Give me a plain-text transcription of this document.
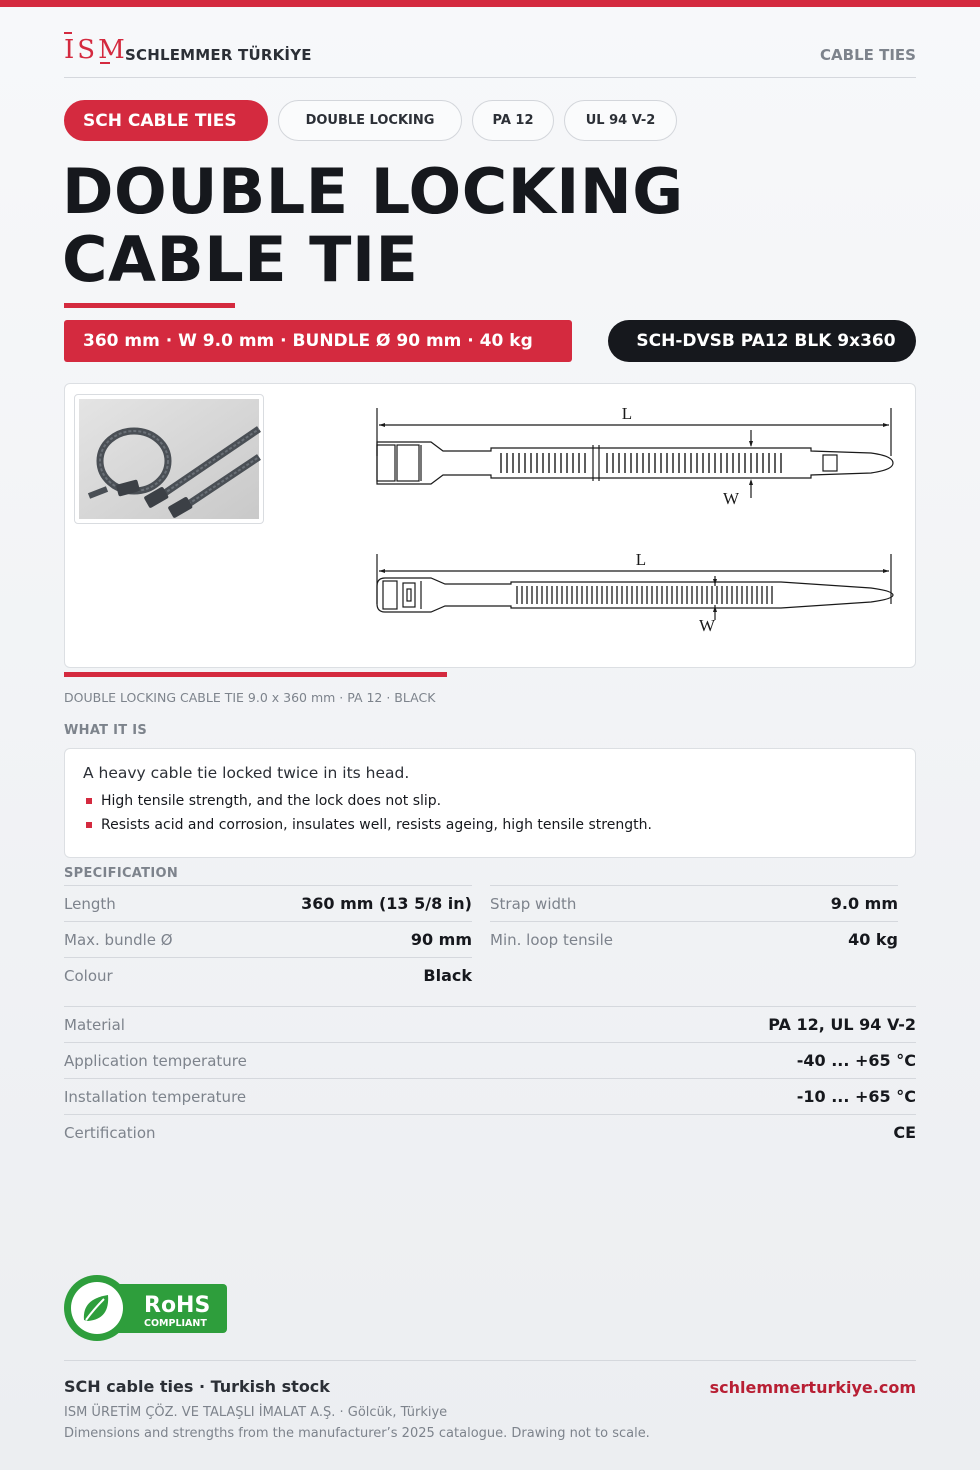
ISM
SCHLEMMER TÜRKİYE	CABLE TIES
SCH CABLE TIES	DOUBLE LOCKING	PA 12	UL 94 V-2
DOUBLE LOCKING
CABLE TIE
360 mm · W 9.0 mm · BUNDLE Ø 90 mm · 40 kg	SCH-DVSB PA12 BLK 9x360
L
W
L
W
DOUBLE LOCKING CABLE TIE 9.0 x 360 mm · PA 12 · BLACK
WHAT IT IS
A heavy cable tie locked twice in its head.
High tensile strength, and the lock does not slip.
Resists acid and corrosion, insulates well, resists ageing, high tensile strength.
SPECIFICATION
Length	360 mm (13 5/8 in) Strap width	9.0 mm
Max. bundle Ø	90 mm Min. loop tensile	40 kg
Colour	Black
Material	PA 12, UL 94 V-2
Application temperature	-40 ... +65 °C
Installation temperature	-10 ... +65 °C
Certification	CE
RoHS
COMPLIANT
SCH cable ties · Turkish stock	schlemmerturkiye.com
ISM ÜRETİM ÇÖZ. VE TALAŞLI İMALAT A.Ş. · Gölcük, Türkiye
Dimensions and strengths from the manufacturer’s 2025 catalogue. Drawing not to scale.
